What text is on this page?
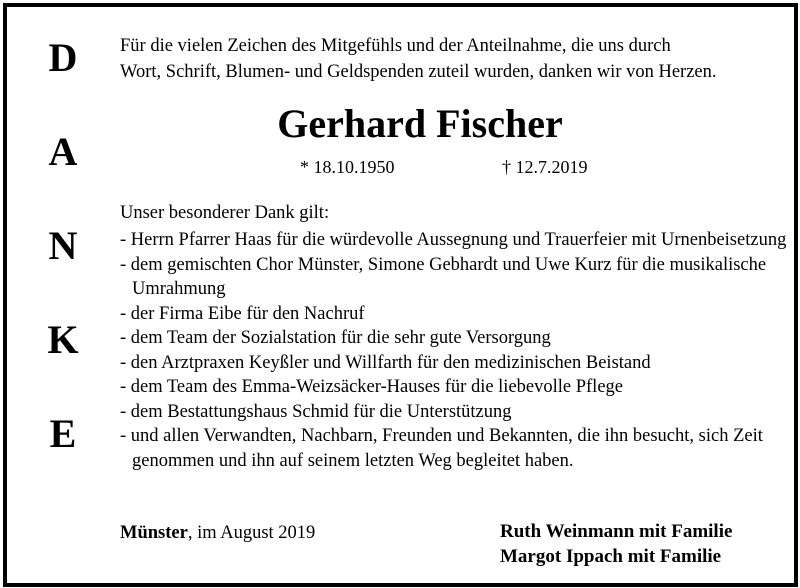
D
A
N
K
E
Für die vielen Zeichen des Mitgefühls und der Anteilnahme, die uns durch
Wort, Schrift, Blumen- und Geldspenden zuteil wurden, danken wir von Herzen.
Gerhard Fischer
* 18.10.1950	† 12.7.2019
Unser besonderer Dank gilt:
- Herrn Pfarrer Haas für die würdevolle Aussegnung und Trauerfeier mit Urnenbeisetzung
- dem gemischten Chor Münster, Simone Gebhardt und Uwe Kurz für die musikalische Umrahmung
- der Firma Eibe für den Nachruf
- dem Team der Sozialstation für die sehr gute Versorgung
- den Arztpraxen Keyßler und Willfarth für den medizinischen Beistand
- dem Team des Emma-Weizsäcker-Hauses für die liebevolle Pflege
- dem Bestattungshaus Schmid für die Unterstützung
- und allen Verwandten, Nachbarn, Freunden und Bekannten, die ihn besucht, sich Zeit genommen und ihn auf seinem letzten Weg begleitet haben.
Münster, im August 2019	Ruth Weinmann mit Familie
Margot Ippach mit Familie
